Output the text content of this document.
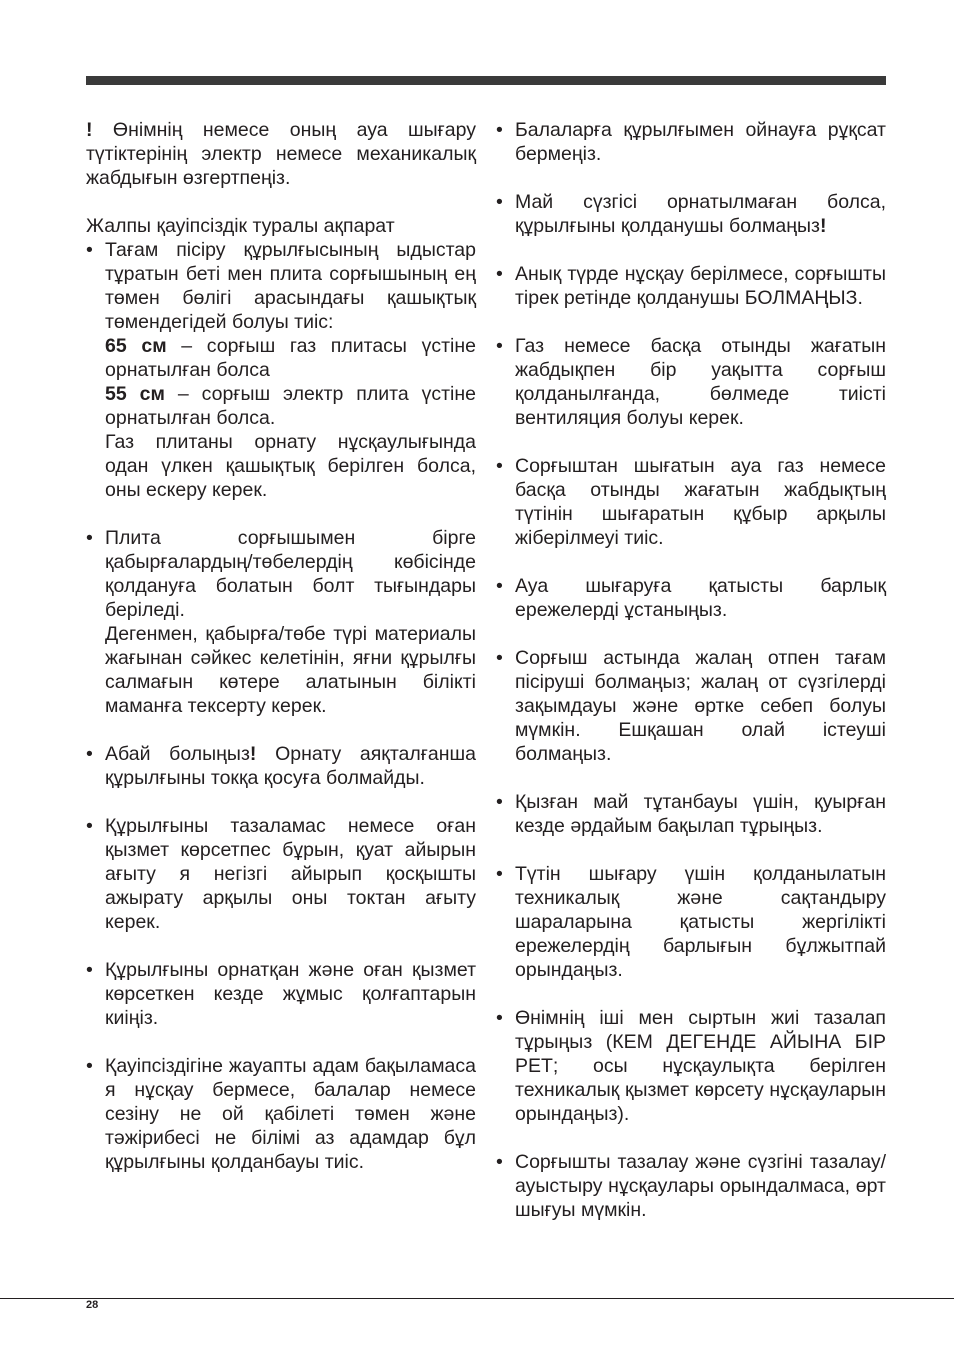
! Өнімнің немесе оның ауа шығару түтіктерінің электр немесе механикалық жабдығын өзгертпеңіз.

Жалпы қауіпсіздік туралы ақпарат

• Тағам пісіру құрылғысының ыдыстар тұратын беті мен плита сорғышының ең төмен бөлігі арасындағы қашықтық төмендегідей болуы тиіс:

65 см – сорғыш газ плитасы үстіне орнатылған болса

55 см – сорғыш электр плита үстіне орнатылған болса.

Газ плитаны орнату нұсқаулығында одан үлкен қашықтық берілген болса, оны ескеру керек.

• Плита сорғышымен бірге қабырғалардың/төбелердің көбісінде қолдануға болатын болт тығындары беріледі.

Дегенмен, қабырға/төбе түрі материалы жағынан сәйкес келетінін, яғни құрылғы салмағын көтере алатынын білікті маманға тексерту керек.

• Абай болыңыз! Орнату аяқталғанша құрылғыны токқа қосуға болмайды.

• Құрылғыны тазаламас немесе оған қызмет көрсетпес бұрын, қуат айырын ағыту я негізгі айырып қосқышты ажырату арқылы оны токтан ағыту керек.

• Құрылғыны орнатқан және оған қызмет көрсеткен кезде жұмыс қолғаптарын киіңіз.

• Қауіпсіздігіне жауапты адам бақыламаса я нұсқау бермесе, балалар немесе сезіну не ой қабілеті төмен және тәжірибесі не білімі аз адамдар бұл құрылғыны қолданбауы тиіс.

• Балаларға құрылғымен ойнауға рұқсат бермеңіз.

• Май сүзгісі орнатылмаған болса, құрылғыны қолданушы болмаңыз!

• Анық түрде нұсқау берілмесе, сорғышты тірек ретінде қолданушы БОЛМАҢЫЗ.

• Газ немесе басқа отынды жағатын жабдықпен бір уақытта сорғыш қолданылғанда, бөлмеде тиісті вентиляция болуы керек.

• Сорғыштан шығатын ауа газ немесе басқа отынды жағатын жабдықтың түтінін шығаратын құбыр арқылы жіберілмеуі тиіс.

• Ауа шығаруға қатысты барлық ережелерді ұстаныңыз.

• Сорғыш астында жалаң отпен тағам пісіруші болмаңыз; жалаң от сүзгілерді зақымдауы және өртке себеп болуы мүмкін. Ешқашан олай істеуші болмаңыз.

• Қызған май тұтанбауы үшін, қуырған кезде әрдайым бақылап тұрыңыз.

• Түтін шығару үшін қолданылатын техникалық және сақтандыру шараларына қатысты жергілікті ережелердің барлығын бұлжытпай орындаңыз.

• Өнімнің іші мен сыртын жиі тазалап тұрыңыз (КЕМ ДЕГЕНДЕ АЙЫНА БІР РЕТ; осы нұсқаулықта берілген техникалық қызмет көрсету нұсқауларын орындаңыз).

• Сорғышты тазалау және сүзгіні тазалау/ауыстыру нұсқаулары орындалмаса, өрт шығуы мүмкін.

28
